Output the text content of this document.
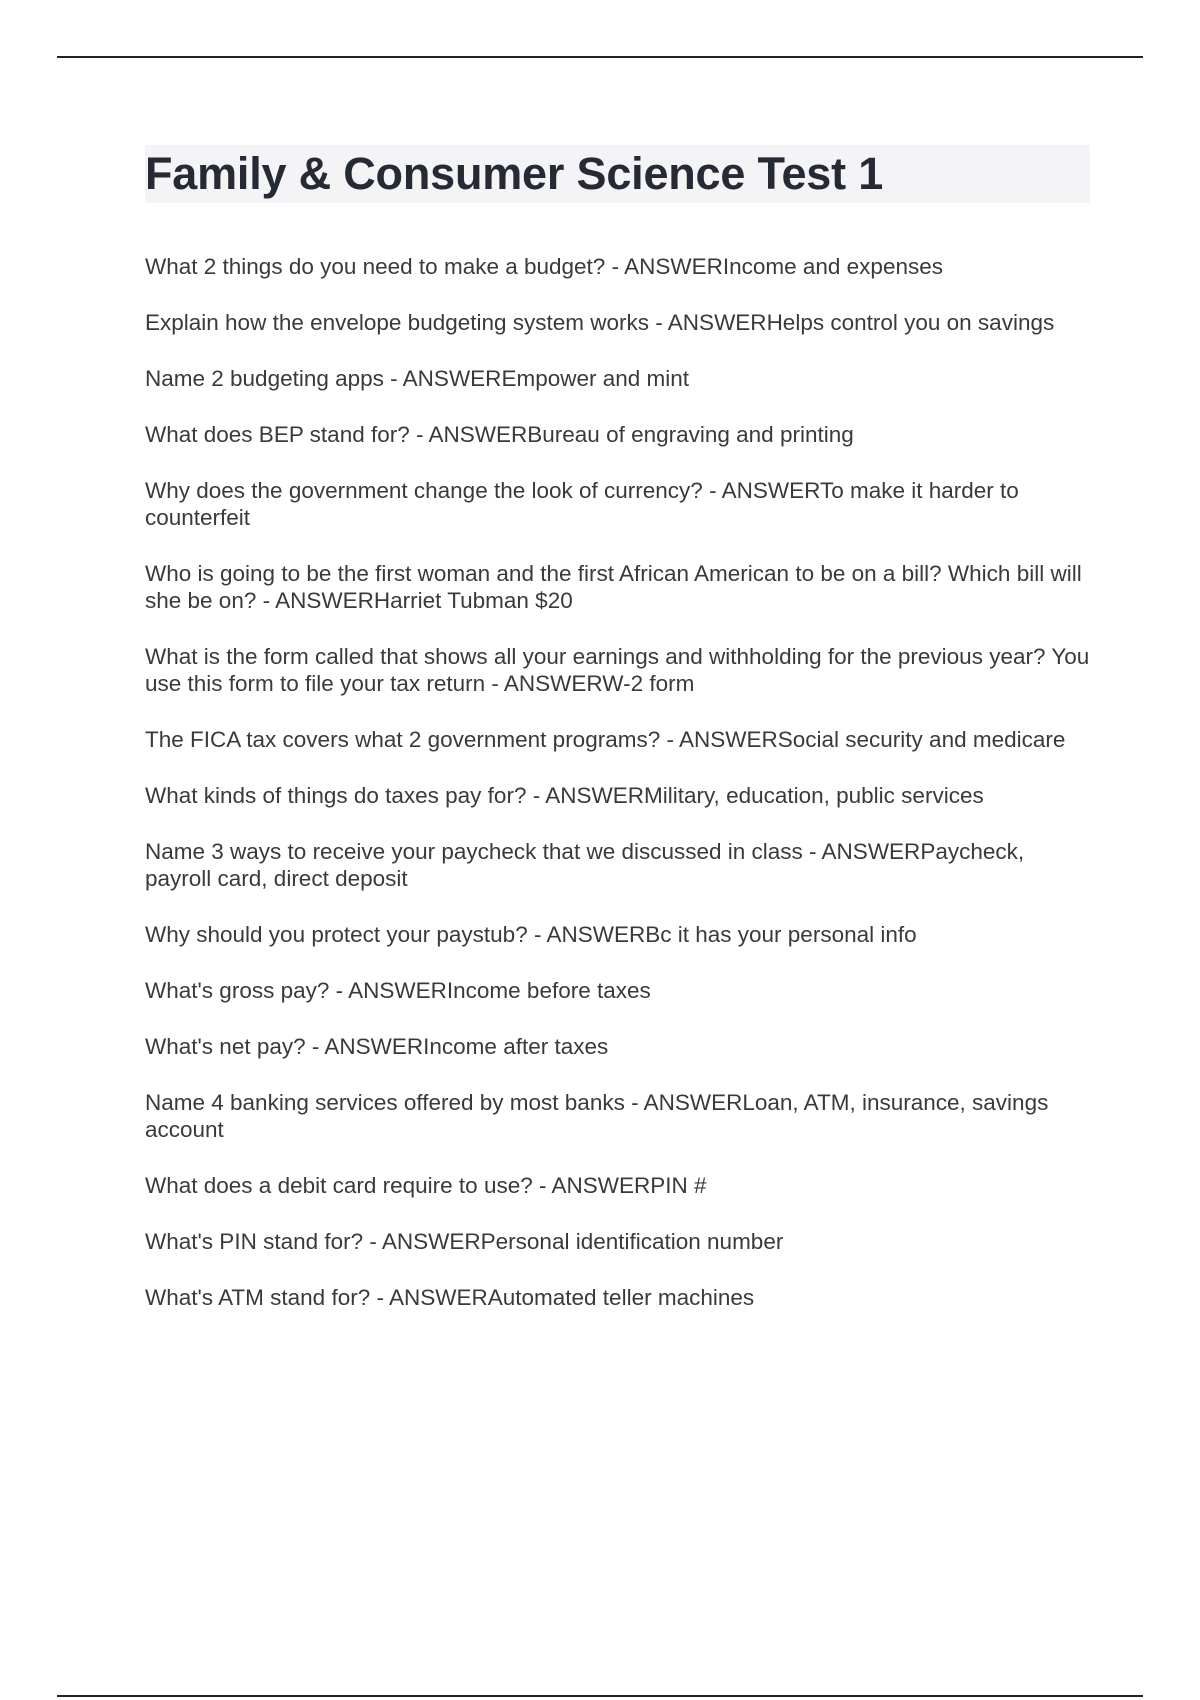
Family & Consumer Science Test 1
What 2 things do you need to make a budget? - ANSWERIncome and expenses
Explain how the envelope budgeting system works - ANSWERHelps control you on savings
Name 2 budgeting apps - ANSWEREmpower and mint
What does BEP stand for? - ANSWERBureau of engraving and printing
Why does the government change the look of currency? - ANSWERTo make it harder to counterfeit
Who is going to be the first woman and the first African American to be on a bill? Which bill will she be on? - ANSWERHarriet Tubman $20
What is the form called that shows all your earnings and withholding for the previous year? You use this form to file your tax return - ANSWERW-2 form
The FICA tax covers what 2 government programs? - ANSWERSocial security and medicare
What kinds of things do taxes pay for? - ANSWERMilitary, education, public services
Name 3 ways to receive your paycheck that we discussed in class - ANSWERPaycheck, payroll card, direct deposit
Why should you protect your paystub? - ANSWERBc it has your personal info
What's gross pay? - ANSWERIncome before taxes
What's net pay? - ANSWERIncome after taxes
Name 4 banking services offered by most banks - ANSWERLoan, ATM, insurance, savings account
What does a debit card require to use? - ANSWERPIN #
What's PIN stand for? - ANSWERPersonal identification number
What's ATM stand for? - ANSWERAutomated teller machines
